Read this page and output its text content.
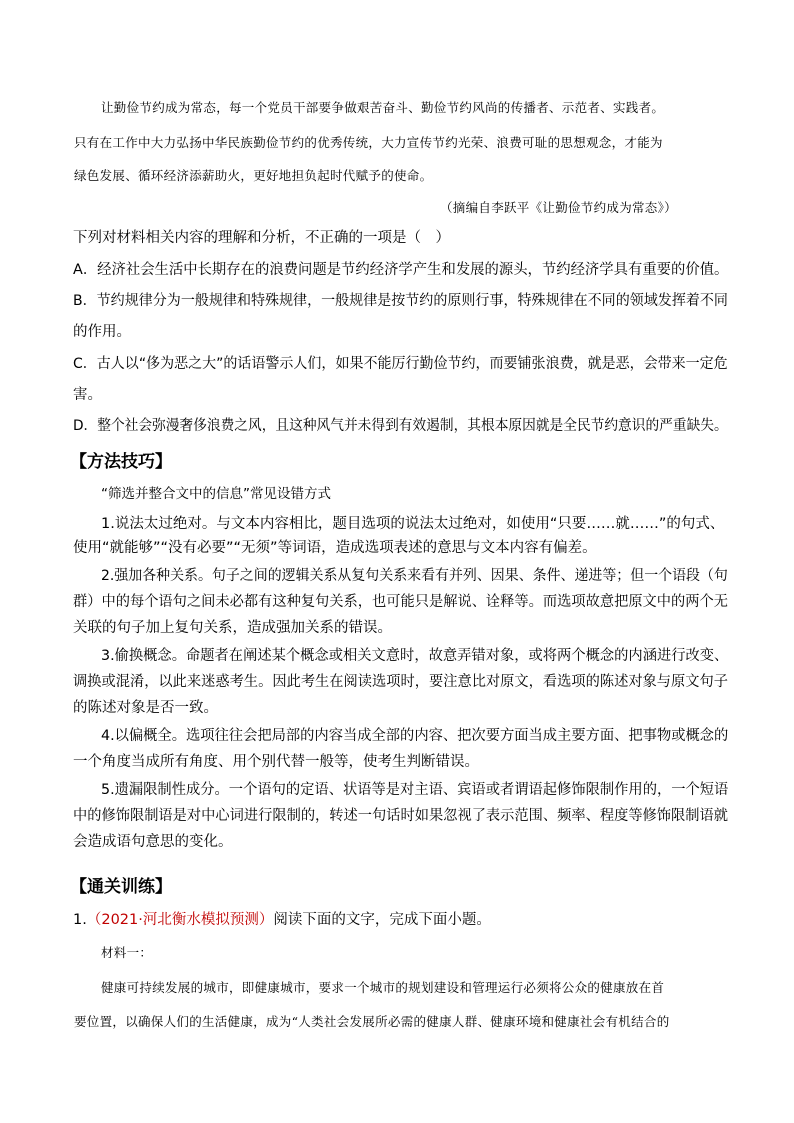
让勤俭节约成为常态，每一个党员干部要争做艰苦奋斗、勤俭节约风尚的传播者、示范者、实践者。
只有在工作中大力弘扬中华民族勤俭节约的优秀传统，大力宣传节约光荣、浪费可耻的思想观念，才能为
绿色发展、循环经济添薪助火，更好地担负起时代赋予的使命。
（摘编自李跃平《让勤俭节约成为常态》）
下列对材料相关内容的理解和分析，不正确的一项是（　）
A．经济社会生活中长期存在的浪费问题是节约经济学产生和发展的源头，节约经济学具有重要的价值。
B．节约规律分为一般规律和特殊规律，一般规律是按节约的原则行事，特殊规律在不同的领域发挥着不同
的作用。
C．古人以“侈为恶之大”的话语警示人们，如果不能厉行勤俭节约，而要铺张浪费，就是恶，会带来一定危
害。
D．整个社会弥漫奢侈浪费之风，且这种风气并未得到有效遏制，其根本原因就是全民节约意识的严重缺失。
【方法技巧】
“筛选并整合文中的信息”常见设错方式
1.说法太过绝对。与文本内容相比，题目选项的说法太过绝对，如使用“只要……就……”的句式、
使用“就能够”“没有必要”“无须”等词语，造成选项表述的意思与文本内容有偏差。
2.强加各种关系。句子之间的逻辑关系从复句关系来看有并列、因果、条件、递进等；但一个语段（句
群）中的每个语句之间未必都有这种复句关系，也可能只是解说、诠释等。而选项故意把原文中的两个无
关联的句子加上复句关系，造成强加关系的错误。
3.偷换概念。命题者在阐述某个概念或相关文意时，故意弄错对象，或将两个概念的内涵进行改变、
调换或混淆，以此来迷惑考生。因此考生在阅读选项时，要注意比对原文，看选项的陈述对象与原文句子
的陈述对象是否一致。
4.以偏概全。选项往往会把局部的内容当成全部的内容、把次要方面当成主要方面、把事物或概念的
一个角度当成所有角度、用个别代替一般等，使考生判断错误。
5.遗漏限制性成分。一个语句的定语、状语等是对主语、宾语或者谓语起修饰限制作用的，一个短语
中的修饰限制语是对中心词进行限制的，转述一句话时如果忽视了表示范围、频率、程度等修饰限制语就
会造成语句意思的变化。
【通关训练】
1.（2021·河北衡水模拟预测）阅读下面的文字，完成下面小题。
材料一：
健康可持续发展的城市，即健康城市，要求一个城市的规划建设和管理运行必须将公众的健康放在首
要位置，以确保人们的生活健康，成为“人类社会发展所必需的健康人群、健康环境和健康社会有机结合的
